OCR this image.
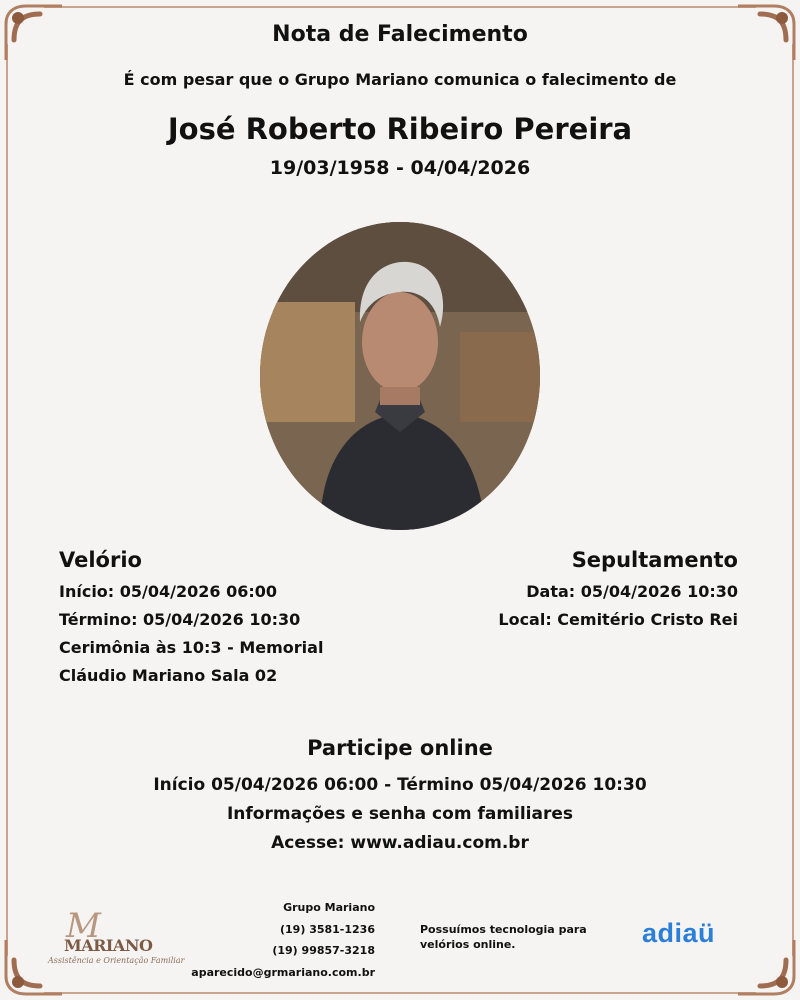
Nota de Falecimento
É com pesar que o Grupo Mariano comunica o falecimento de
José Roberto Ribeiro Pereira
19/03/1958 - 04/04/2026
Velório
Início: 05/04/2026 06:00
Término: 05/04/2026 10:30
Cerimônia às 10:3 - Memorial
Cláudio Mariano Sala 02
Sepultamento
Data: 05/04/2026 10:30
Local: Cemitério Cristo Rei
Participe online
Início 05/04/2026 06:00 - Término 05/04/2026 10:30
Informações e senha com familiares
Acesse: www.adiau.com.br
M
MARIANO
Assistência e Orientação Familiar
Grupo Mariano
(19) 3581-1236
(19) 99857-3218
aparecido@grmariano.com.br
Possuímos tecnologia para velórios online.	adiaü
